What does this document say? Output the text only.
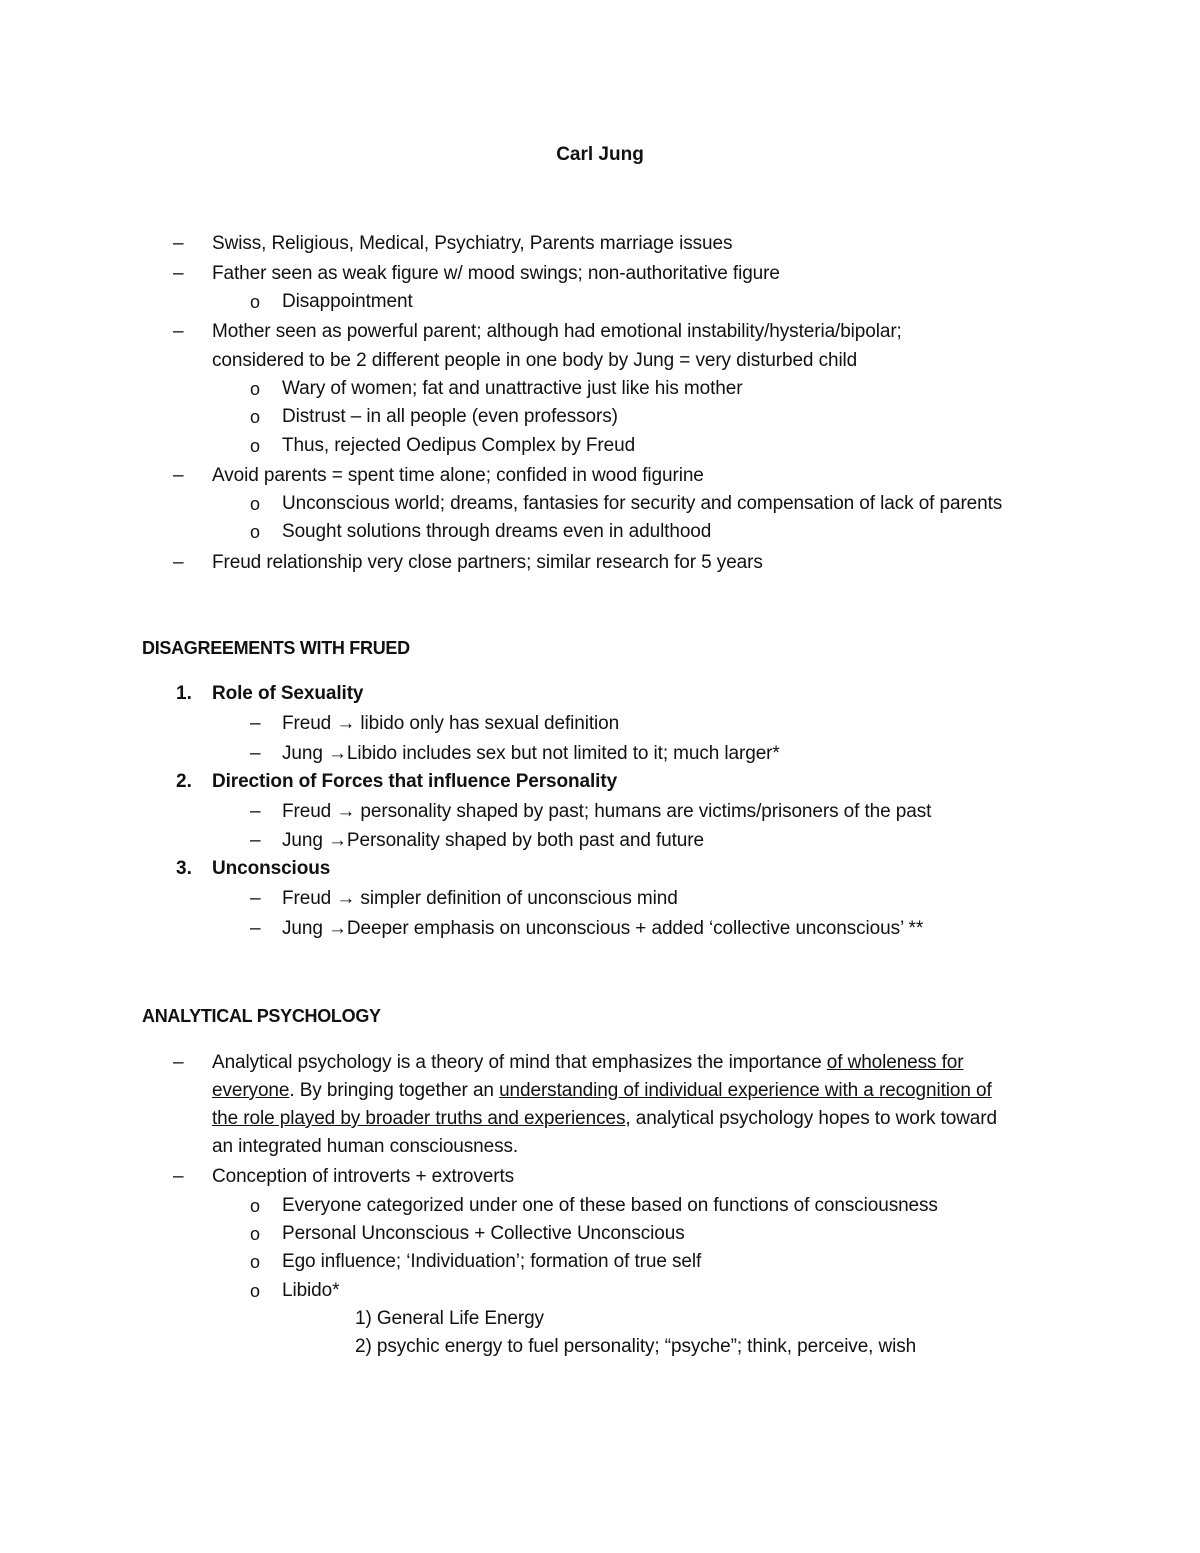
Carl Jung
–	Swiss, Religious, Medical, Psychiatry, Parents marriage issues
–	Father seen as weak figure w/ mood swings; non-authoritative figure
o Disappointment
–	Mother seen as powerful parent; although had emotional instability/hysteria/bipolar;
considered to be 2 different people in one body by Jung = very disturbed child
o Wary of women; fat and unattractive just like his mother
o Distrust – in all people (even professors)
o Thus, rejected Oedipus Complex by Freud
–	Avoid parents = spent time alone; confided in wood figurine
o Unconscious world; dreams, fantasies for security and compensation of lack of parents
o Sought solutions through dreams even in adulthood
–	Freud relationship very close partners; similar research for 5 years
DISAGREEMENTS WITH FRUED
1. Role of Sexuality
–	Freud → libido only has sexual definition
–	Jung →Libido includes sex but not limited to it; much larger*
2. Direction of Forces that influence Personality
–	Freud → personality shaped by past; humans are victims/prisoners of the past
–	Jung →Personality shaped by both past and future
3. Unconscious
–	Freud → simpler definition of unconscious mind
–	Jung →Deeper emphasis on unconscious + added ‘collective unconscious’ **
ANALYTICAL PSYCHOLOGY
–	Analytical psychology is a theory of mind that emphasizes the importance of wholeness for
everyone. By bringing together an understanding of individual experience with a recognition of
the role played by broader truths and experiences, analytical psychology hopes to work toward
an integrated human consciousness.
–	Conception of introverts + extroverts
o Everyone categorized under one of these based on functions of consciousness
o Personal Unconscious + Collective Unconscious
o Ego influence; ‘Individuation’; formation of true self
o Libido*
1) General Life Energy
2) psychic energy to fuel personality; “psyche”; think, perceive, wish
